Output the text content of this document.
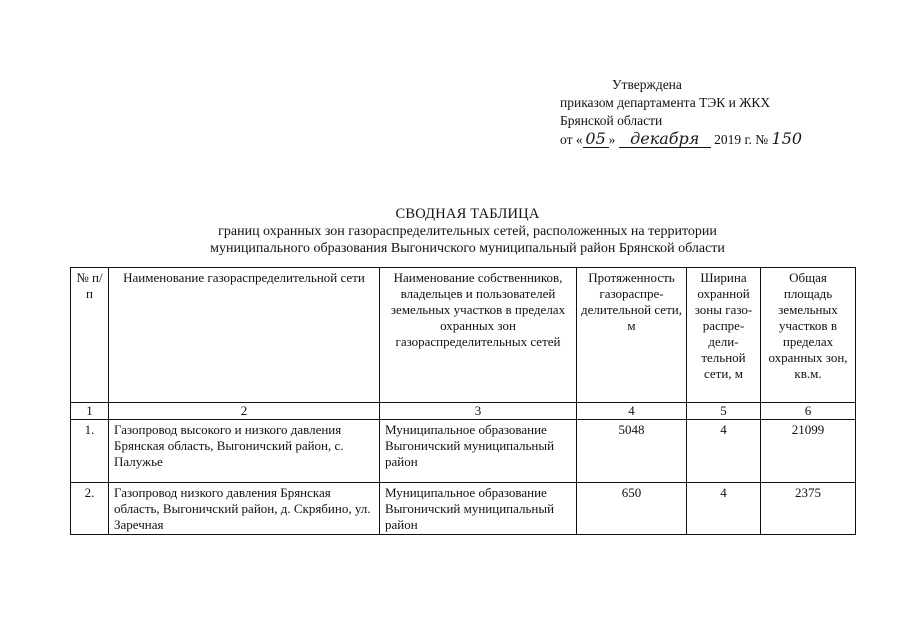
Утверждена
приказом департамента ТЭК и ЖКХ
Брянской области
от « 05 » декабря 2019 г. № 150
СВОДНАЯ ТАБЛИЦА
границ охранных зон газораспределительных сетей, расположенных на территории
муниципального образования Выгоничского муниципальный район Брянской области
№ п/п	Наименование газораспределительной сети	Наименование собственников, владельцев и пользователей земельных участков в пределах охранных зон газораспределительных сетей	Протяженность газораспре-делительной сети, м	Ширина охранной зоны газо-распре-дели-тельной сети, м	Общая площадь земельных участков в пределах охранных зон, кв.м.
1	2	3	4	5	6
1.	Газопровод высокого и низкого давления Брянская область, Выгоничский район, с. Палужье	Муниципальное образование Выгоничский муниципальный район	5048	4	21099
2.	Газопровод низкого давления Брянская область, Выгоничский район, д. Скрябино, ул. Заречная	Муниципальное образование Выгоничский муниципальный район	650	4	2375
